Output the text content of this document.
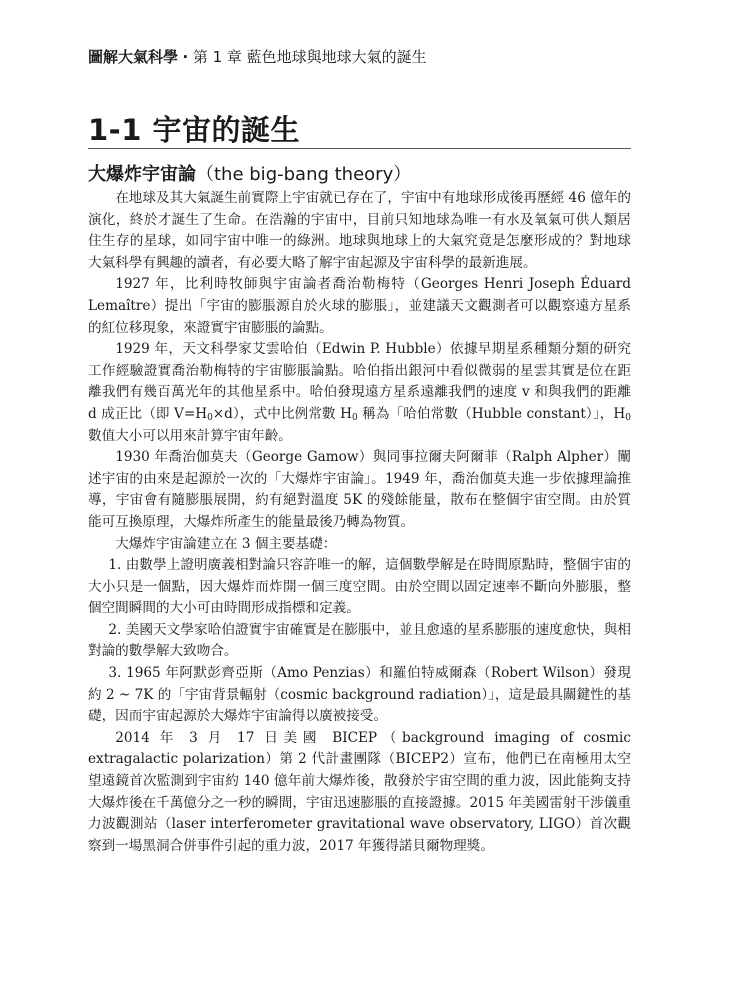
圖解大氣科學 ‧ 第 1 章 藍色地球與地球大氣的誕生
1-1 宇宙的誕生
大爆炸宇宙論（the big-bang theory）

在地球及其大氣誕生前實際上宇宙就已存在了，宇宙中有地球形成後再歷經 46 億年的演化，終於才誕生了生命。在浩瀚的宇宙中，目前只知地球為唯一有水及氧氣可供人類居住生存的星球，如同宇宙中唯一的綠洲。地球與地球上的大氣究竟是怎麼形成的？對地球大氣科學有興趣的讀者，有必要大略了解宇宙起源及宇宙科學的最新進展。

1927 年，比利時牧師與宇宙論者喬治勒梅特（Georges Henri Joseph Éduard Lemaître）提出「宇宙的膨脹源自於火球的膨脹」，並建議天文觀測者可以觀察遠方星系的紅位移現象，來證實宇宙膨脹的論點。

1929 年，天文科學家艾雲哈伯（Edwin P. Hubble）依據早期星系種類分類的研究工作經驗證實喬治勒梅特的宇宙膨脹論點。哈伯指出銀河中看似微弱的星雲其實是位在距離我們有幾百萬光年的其他星系中。哈伯發現遠方星系遠離我們的速度 v 和與我們的距離 d 成正比（即 $V=H_0\times d$），式中比例常數 $H_0$ 稱為「哈伯常數（Hubble constant）」，$H_0$ 數值大小可以用來計算宇宙年齡。

1930 年喬治伽莫夫（George Gamow）與同事拉爾夫阿爾菲（Ralph Alpher）闡述宇宙的由來是起源於一次的「大爆炸宇宙論」。1949 年，喬治伽莫夫進一步依據理論推導，宇宙會有隨膨脹展開，約有絕對溫度 5K 的殘餘能量，散布在整個宇宙空間。由於質能可互換原理，大爆炸所產生的能量最後乃轉為物質。

大爆炸宇宙論建立在 3 個主要基礎：

1. 由數學上證明廣義相對論只容許唯一的解，這個數學解是在時間原點時，整個宇宙的大小只是一個點，因大爆炸而炸開一個三度空間。由於空間以固定速率不斷向外膨脹，整個空間瞬間的大小可由時間形成指標和定義。

2. 美國天文學家哈伯證實宇宙確實是在膨脹中，並且愈遠的星系膨脹的速度愈快，與相對論的數學解大致吻合。

3. 1965 年阿默彭齊亞斯（Amo Penzias）和羅伯特威爾森（Robert Wilson）發現約 2 ~ 7K 的「宇宙背景輻射（cosmic background radiation）」，這是最具關鍵性的基礎，因而宇宙起源於大爆炸宇宙論得以廣被接受。

2014 年 3 月 17 日美國 BICEP（background imaging of cosmic extragalactic polarization）第 2 代計畫團隊（BICEP2）宣布，他們已在南極用太空望遠鏡首次監測到宇宙約 140 億年前大爆炸後，散發於宇宙空間的重力波，因此能夠支持大爆炸後在千萬億分之一秒的瞬間，宇宙迅速膨脹的直接證據。2015 年美國雷射干涉儀重力波觀測站（laser interferometer gravitational wave observatory, LIGO）首次觀察到一場黑洞合併事件引起的重力波，2017 年獲得諾貝爾物理獎。
